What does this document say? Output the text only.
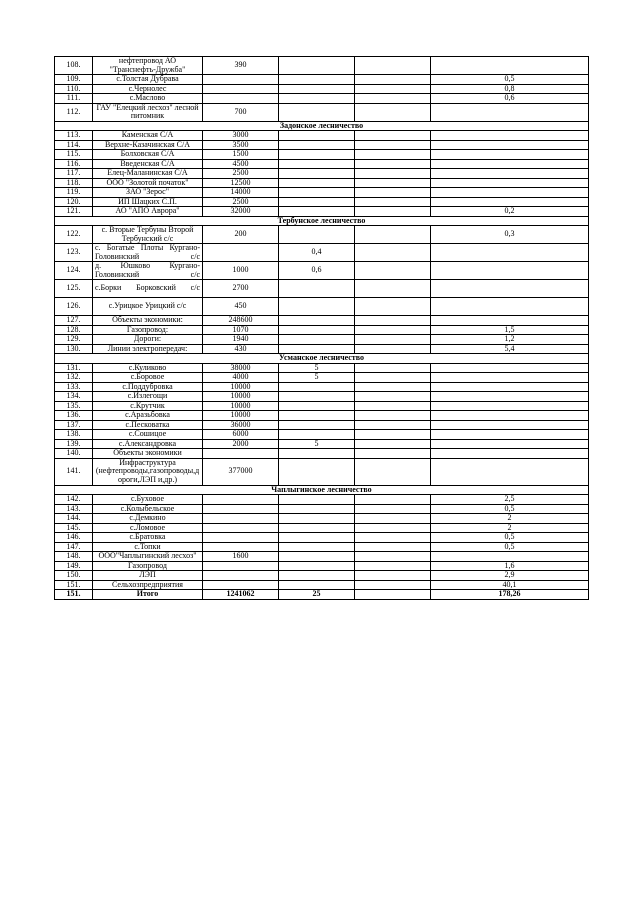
108.	нефтепровод АО "Транснефть-Дружба"	390			
109.	с.Толстая Дубрава				0,5
110.	с.Чернолес				0,8
111.	с.Маслово				0,6
112.	ГАУ "Елецкий лесхоз" лесной питомник	700			
Задонское лесничество					
113.	Каменская С/А	3000			
114.	Верхне-Казачинская С/А	3500			
115.	Болховская С/А	1500			
116.	Введенская С/А	4500			
117.	Елец-Маланинская С/А	2500			
118.	ООО "Золотой початок"	12500			
119.	ЗАО "Зерос"	14000			
120.	ИП Шацких С.П.	2500			
121.	АО "АПО Аврора"	32000			0,2
Тербунское лесничество					
122.	с. Вторые Тербуны Второй Тербунский с/с	200			0,3
123.	с. Богатые Плоты Кургано-Головинский с/с		0,4		
124.	д. Юшково Кургано-Головинский с/с	1000	0,6		
125.	с.Борки Борковский с/с	2700			
126.	с.Урицкое Урицкий с/с	450			
127.	Объекты экономики:	248600			
128.	Газопровод:	1070			1,5
129.	Дороги:	1940			1,2
130.	Линии электропередач:	430			5,4
Усманское лесничество					
131.	с.Куликово	38000	5		
132.	с.Боровое	4000	5		
133.	с.Поддубровка	10000			
134.	с.Излегощи	10000			
135.	с.Крутчик	10000			
136.	с.Аразьбовка	10000			
137.	с.Песковатка	36000			
138.	с.Сошицое	6000			
139.	с.Александровка	2000	5		
140.	Объекты экономики				
141.	Инфраструктура (нефтепроводы,газопроводы,д ороги,ЛЭП и,др.)	377000			
Чаплыгинское лесничество					
142.	с.Буховое				2,5
143.	с.Колыбельское				0,5
144.	с.Демкино				2
145.	с.Ломовое				2
146.	с.Братовка				0,5
147.	с.Топки				0,5
148.	ООО"Чаплыгинский лесхоз"	1600			
149.	Газопровод				1,6
150.	ЛЭП				2,9
151.	Сельхозпредприятия				40,1
151.	Итого	1241062	25		178,26
